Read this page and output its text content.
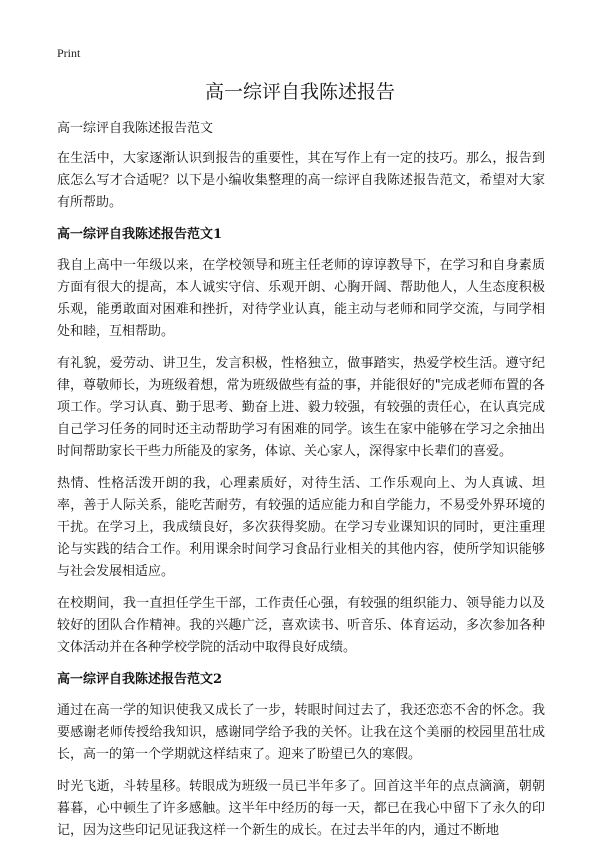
Print
高一综评自我陈述报告

高一综评自我陈述报告范文

在生活中，大家逐渐认识到报告的重要性，其在写作上有一定的技巧。那么，报告到底怎么写才合适呢？以下是小编收集整理的高一综评自我陈述报告范文，希望对大家有所帮助。

高一综评自我陈述报告范文1

我自上高中一年级以来，在学校领导和班主任老师的谆谆教导下，在学习和自身素质方面有很大的提高，本人诚实守信、乐观开朗、心胸开阔、帮助他人，人生态度积极乐观，能勇敢面对困难和挫折，对待学业认真，能主动与老师和同学交流，与同学相处和睦，互相帮助。

有礼貌，爱劳动、讲卫生，发言积极，性格独立，做事踏实，热爱学校生活。遵守纪律，尊敬师长，为班级着想，常为班级做些有益的事，并能很好的"完成老师布置的各项工作。学习认真、勤于思考、勤奋上进、毅力较强，有较强的责任心，在认真完成自己学习任务的同时还主动帮助学习有困难的同学。该生在家中能够在学习之余抽出时间帮助家长干些力所能及的家务，体谅、关心家人，深得家中长辈们的喜爱。

热情、性格活泼开朗的我，心理素质好，对待生活、工作乐观向上、为人真诚、坦率，善于人际关系，能吃苦耐劳，有较强的适应能力和自学能力，不易受外界环境的干扰。在学习上，我成绩良好，多次获得奖励。在学习专业课知识的同时，更注重理论与实践的结合工作。利用课余时间学习食品行业相关的其他内容，使所学知识能够与社会发展相适应。

在校期间，我一直担任学生干部，工作责任心强，有较强的组织能力、领导能力以及较好的团队合作精神。我的兴趣广泛，喜欢读书、听音乐、体育运动，多次参加各种文体活动并在各种学校学院的活动中取得良好成绩。

高一综评自我陈述报告范文2

通过在高一学的知识使我又成长了一步，转眼时间过去了，我还恋恋不舍的怀念。我要感谢老师传授给我知识，感谢同学给予我的关怀。让我在这个美丽的校园里茁壮成长，高一的第一个学期就这样结束了。迎来了盼望已久的寒假。

时光飞逝，斗转星移。转眼成为班级一员已半年多了。回首这半年的点点滴滴，朝朝暮暮，心中顿生了许多感触。这半年中经历的每一天，都已在我心中留下了永久的印记，因为这些印记见证我这样一个新生的成长。在过去半年的内，通过不断地
